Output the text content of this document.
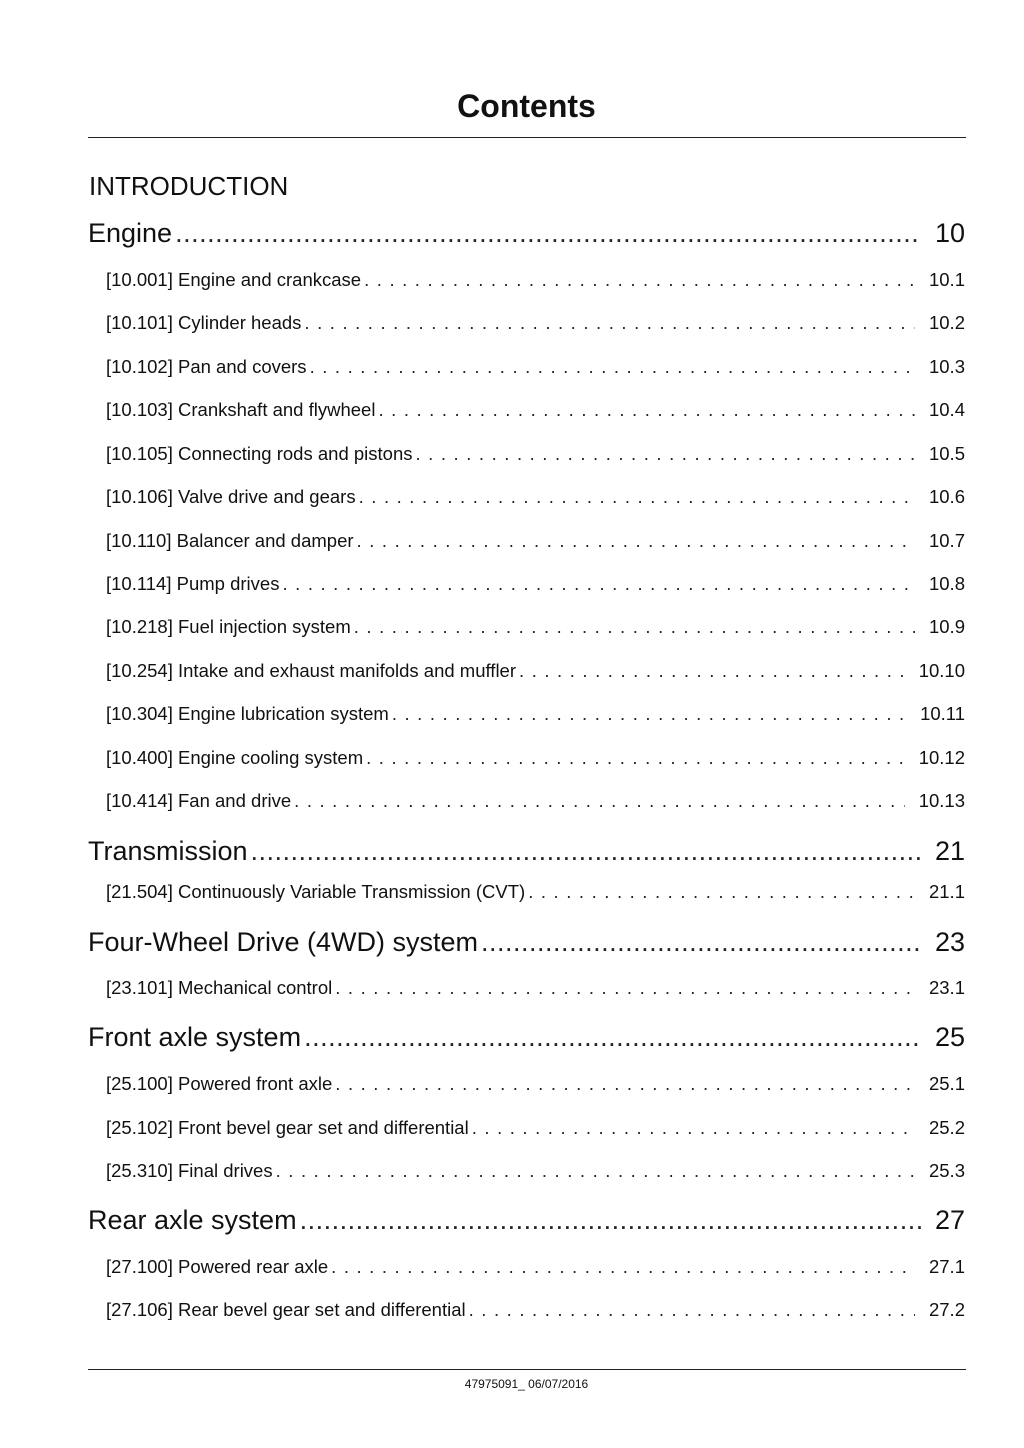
Contents
INTRODUCTION
Engine .....	10
[10.001] Engine and crankcase . . .	10.1
[10.101] Cylinder heads . . .	10.2
[10.102] Pan and covers . . .	10.3
[10.103] Crankshaft and flywheel . . .	10.4
[10.105] Connecting rods and pistons . . .	10.5
[10.106] Valve drive and gears . . .	10.6
[10.110] Balancer and damper . . .	10.7
[10.114] Pump drives . . .	10.8
[10.218] Fuel injection system . . .	10.9
[10.254] Intake and exhaust manifolds and muffler . . .	10.10
[10.304] Engine lubrication system . . .	10.11
[10.400] Engine cooling system . . .	10.12
[10.414] Fan and drive . . .	10.13
Transmission .....	21
[21.504] Continuously Variable Transmission (CVT) . . .	21.1
Four-Wheel Drive (4WD) system .....	23
[23.101] Mechanical control . . .	23.1
Front axle system .....	25
[25.100] Powered front axle . . .	25.1
[25.102] Front bevel gear set and differential . . .	25.2
[25.310] Final drives . . .	25.3
Rear axle system .....	27
[27.100] Powered rear axle . . .	27.1
[27.106] Rear bevel gear set and differential . . .	27.2
47975091_ 06/07/2016
